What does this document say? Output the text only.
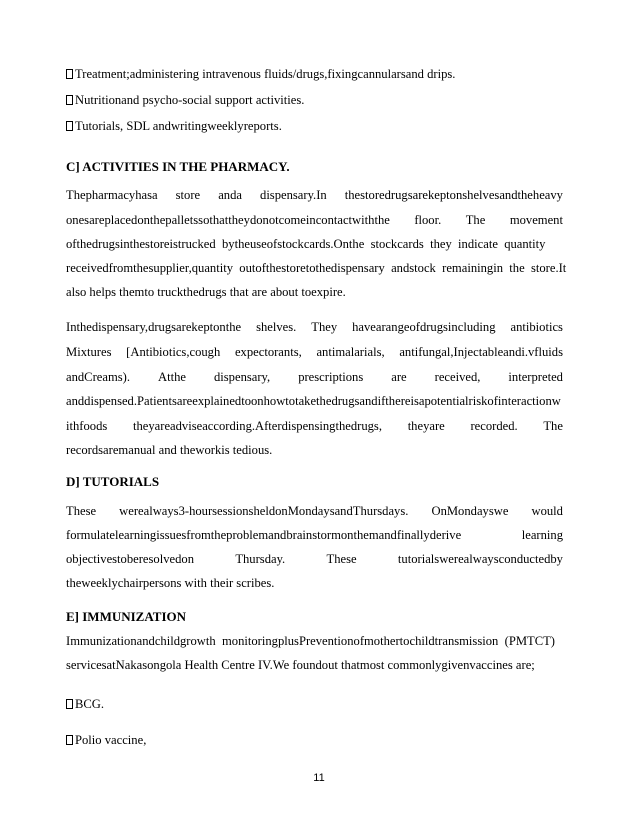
Treatment;administering intravenous fluids/drugs,fixingcannularsand drips.
Nutritionand psycho-social support activities.
Tutorials, SDL andwritingweeklyreports.
C] ACTIVITIES IN THE PHARMACY.
Thepharmacyhasa store anda dispensary.In thestoredrugsarekeptonshelvesandtheheavy
onesareplacedonthepalletssothattheydonotcomeincontactwiththe floor. The movement
ofthedrugsinthestoreistrucked  bytheuseofstockcards.Onthe  stockcards  they  indicate  quantity
receivedfromthesupplier,quantity  outofthestoretothedispensary  andstock  remainingin  the  store.It
also helps themto truckthedrugs that are about toexpire.
Inthedispensary,drugsarekeptonthe shelves. They havearangeofdrugsincluding antibiotics
Mixtures [Antibiotics,cough expectorants, antimalarials, antifungal,Injectableandi.vfluids
andCreams). Atthe dispensary, prescriptions are received, interpreted
anddispensed.Patientsareexplainedtoonhowtotakethedrugsandifthereisapotentialriskofinteractionw
ithfoods theyareadviseaccording.Afterdispensingthedrugs, theyare recorded. The
recordsaremanual and theworkis tedious.
D] TUTORIALS
These werealways3-hoursessionsheldonMondaysandThursdays. OnMondayswe would
formulatelearningissuesfromtheproblemandbrainstormonthemandfinallyderive	learning
objectivestoberesolvedon	Thursday.	These	tutorialswerealwaysconductedby
theweeklychairpersons with their scribes.
E] IMMUNIZATION
Immunizationandchildgrowth  monitoringplusPreventionofmothertochildtransmission  (PMTCT)
servicesatNakasongola Health Centre IV.We foundout thatmost commonlygivenvaccines are;
BCG.
Polio vaccine,
11
